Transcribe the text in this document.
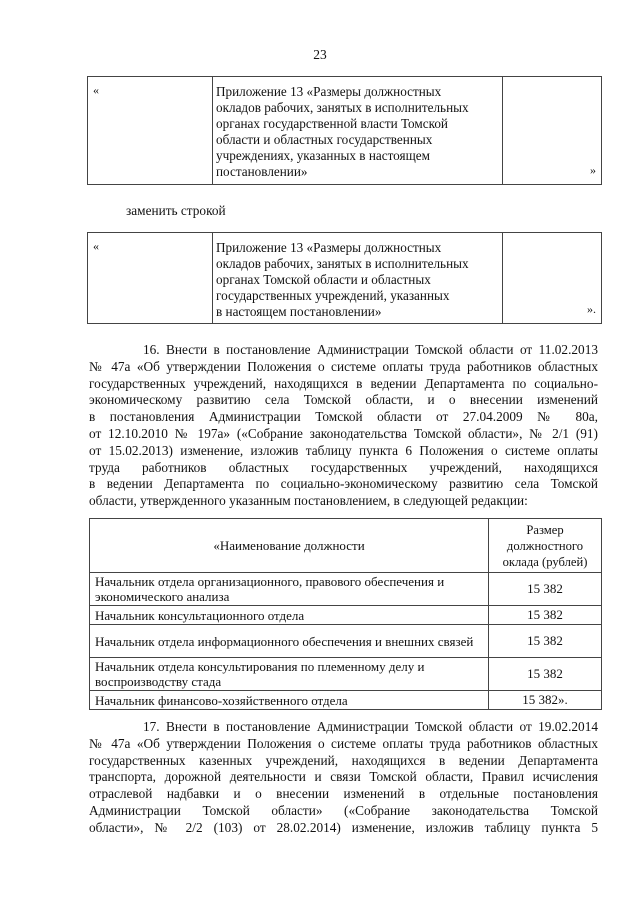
23
«	Приложение 13 «Размеры должностных
окладов рабочих, занятых в исполнительных
органах государственной власти Томской
области и областных государственных
учреждениях, указанных в настоящем
постановлении»	»
заменить строкой
«	Приложение 13 «Размеры должностных
окладов рабочих, занятых в исполнительных
органах Томской области и областных
государственных учреждений, указанных
в настоящем постановлении»	».
16. Внести в постановление Администрации Томской области от 11.02.2013
№ 47а «Об утверждении Положения о системе оплаты труда работников областных
государственных учреждений, находящихся в ведении Департамента по социально-
экономическому развитию села Томской области, и о внесении изменений
в постановления Администрации Томской области от 27.04.2009 № 80а,
от 12.10.2010 № 197а» («Собрание законодательства Томской области», № 2/1 (91)
от 15.02.2013) изменение, изложив таблицу пункта 6 Положения о системе оплаты
труда работников областных государственных учреждений, находящихся
в ведении Департамента по социально-экономическому развитию села Томской
области, утвержденного указанным постановлением, в следующей редакции:
«Наименование должности	Размер
должностного
оклада (рублей)

Начальник отдела организационного, правового обеспечения и экономического анализа	15 382
Начальник консультационного отдела	15 382
Начальник отдела информационного обеспечения и внешних связей	15 382
Начальник отдела консультирования по племенному делу и воспроизводству стада	15 382
Начальник финансово-хозяйственного отдела	15 382».
17. Внести в постановление Администрации Томской области от 19.02.2014
№ 47а «Об утверждении Положения о системе оплаты труда работников областных
государственных казенных учреждений, находящихся в ведении Департамента
транспорта, дорожной деятельности и связи Томской области, Правил исчисления
отраслевой надбавки и о внесении изменений в отдельные постановления
Администрации Томской области» («Собрание законодательства Томской
области», № 2/2 (103) от 28.02.2014) изменение, изложив таблицу пункта 5
